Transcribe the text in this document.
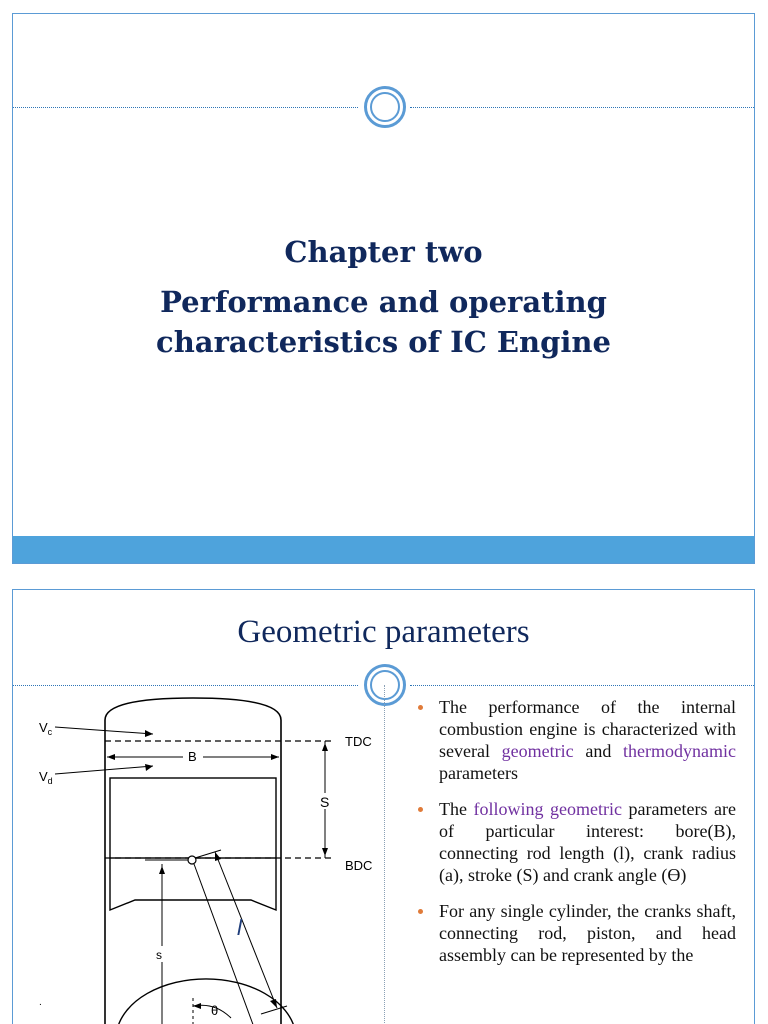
Chapter two
Performance and operating
characteristics of IC Engine
Geometric parameters
B
S
TDC
BDC
$V_c$
$V_d$
s
l
θ
.
The performance of the internal combustion engine is characterized with several geometric and thermodynamic parameters
The following geometric parameters are of particular interest: bore(B), connecting rod length (l), crank radius (a), stroke (S) and crank angle (ϴ)
For any single cylinder, the cranks shaft, connecting rod, piston, and head assembly can be represented by the
